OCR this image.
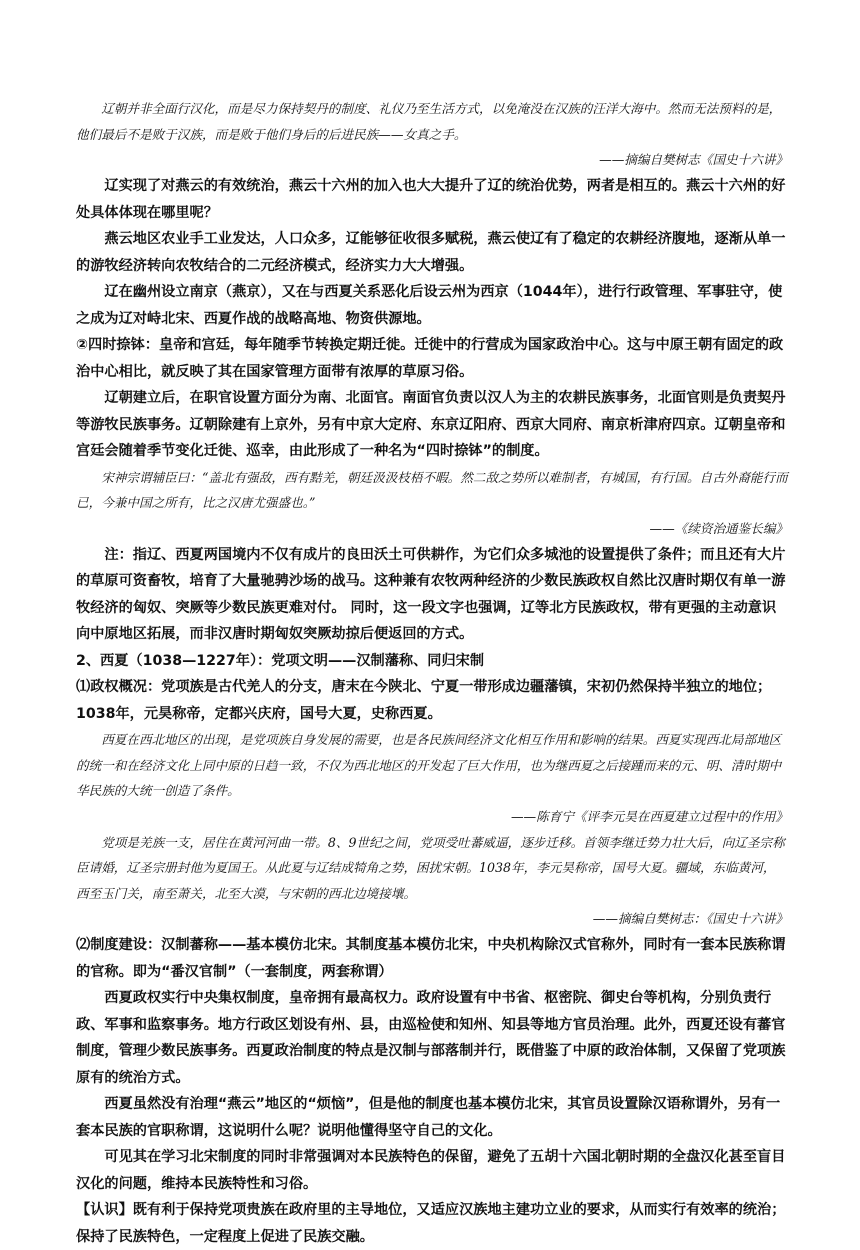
辽朝并非全面行汉化，而是尽力保持契丹的制度、礼仪乃至生活方式，以免淹没在汉族的汪洋大海中。然而无法预料的是，他们最后不是败于汉族，而是败于他们身后的后进民族——女真之手。

——摘编自樊树志《国史十六讲》

辽实现了对燕云的有效统治，燕云十六州的加入也大大提升了辽的统治优势，两者是相互的。燕云十六州的好处具体体现在哪里呢？

燕云地区农业手工业发达，人口众多，辽能够征收很多赋税，燕云使辽有了稳定的农耕经济腹地，逐渐从单一的游牧经济转向农牧结合的二元经济模式，经济实力大大增强。

辽在幽州设立南京（燕京），又在与西夏关系恶化后设云州为西京（1044年），进行行政管理、军事驻守，使之成为辽对峙北宋、西夏作战的战略高地、物资供源地。

②四时捺钵：皇帝和宫廷，每年随季节转换定期迁徙。迁徙中的行营成为国家政治中心。这与中原王朝有固定的政治中心相比，就反映了其在国家管理方面带有浓厚的草原习俗。

辽朝建立后，在职官设置方面分为南、北面官。南面官负责以汉人为主的农耕民族事务，北面官则是负责契丹等游牧民族事务。辽朝除建有上京外，另有中京大定府、东京辽阳府、西京大同府、南京析津府四京。辽朝皇帝和宫廷会随着季节变化迁徙、巡幸，由此形成了一种名为“四时捺钵”的制度。

宋神宗谓辅臣曰：“盖北有强敌，西有黠羌，朝廷汲汲枝梧不暇。然二敌之势所以难制者，有城国，有行国。自古外裔能行而已，今兼中国之所有，比之汉唐尤强盛也。”

——《续资治通鉴长编》

注：指辽、西夏两国境内不仅有成片的良田沃土可供耕作，为它们众多城池的设置提供了条件；而且还有大片的草原可资畜牧，培育了大量驰骋沙场的战马。这种兼有农牧两种经济的少数民族政权自然比汉唐时期仅有单一游牧经济的匈奴、突厥等少数民族更难对付。 同时，这一段文字也强调，辽等北方民族政权，带有更强的主动意识向中原地区拓展，而非汉唐时期匈奴突厥劫掠后便返回的方式。

2、西夏（1038—1227年）：党项文明——汉制藩称、同归宋制

⑴政权概况：党项族是古代羌人的分支，唐末在今陕北、宁夏一带形成边疆藩镇，宋初仍然保持半独立的地位；1038年，元昊称帝，定都兴庆府，国号大夏，史称西夏。

西夏在西北地区的出现，是党项族自身发展的需要，也是各民族间经济文化相互作用和影响的结果。西夏实现西北局部地区的统一和在经济文化上同中原的日趋一致，不仅为西北地区的开发起了巨大作用，也为继西夏之后接踵而来的元、明、清时期中华民族的大统一创造了条件。

——陈育宁《评李元昊在西夏建立过程中的作用》

党项是羌族一支，居住在黄河河曲一带。8、9世纪之间，党项受吐蕃威逼，逐步迁移。首领李继迁势力壮大后，向辽圣宗称臣请婚，辽圣宗册封他为夏国王。从此夏与辽结成犄角之势，困扰宋朝。1038年，李元昊称帝，国号大夏。疆域，东临黄河，西至玉门关，南至萧关，北至大漠，与宋朝的西北边境接壤。

——摘编自樊树志：《国史十六讲》

⑵制度建设：汉制蕃称——基本模仿北宋。其制度基本模仿北宋，中央机构除汉式官称外，同时有一套本民族称谓的官称。即为“番汉官制”（一套制度，两套称谓）

西夏政权实行中央集权制度，皇帝拥有最高权力。政府设置有中书省、枢密院、御史台等机构，分别负责行政、军事和监察事务。地方行政区划设有州、县，由巡检使和知州、知县等地方官员治理。此外，西夏还设有蕃官制度，管理少数民族事务。西夏政治制度的特点是汉制与部落制并行，既借鉴了中原的政治体制，又保留了党项族原有的统治方式。

西夏虽然没有治理“燕云”地区的“烦恼”，但是他的制度也基本模仿北宋，其官员设置除汉语称谓外，另有一套本民族的官职称谓，这说明什么呢？说明他懂得坚守自己的文化。

可见其在学习北宋制度的同时非常强调对本民族特色的保留，避免了五胡十六国北朝时期的全盘汉化甚至盲目汉化的问题，维持本民族特性和习俗。

【认识】既有利于保持党项贵族在政府里的主导地位，又适应汉族地主建功立业的要求，从而实行有效率的统治；保持了民族特色，一定程度上促进了民族交融。
